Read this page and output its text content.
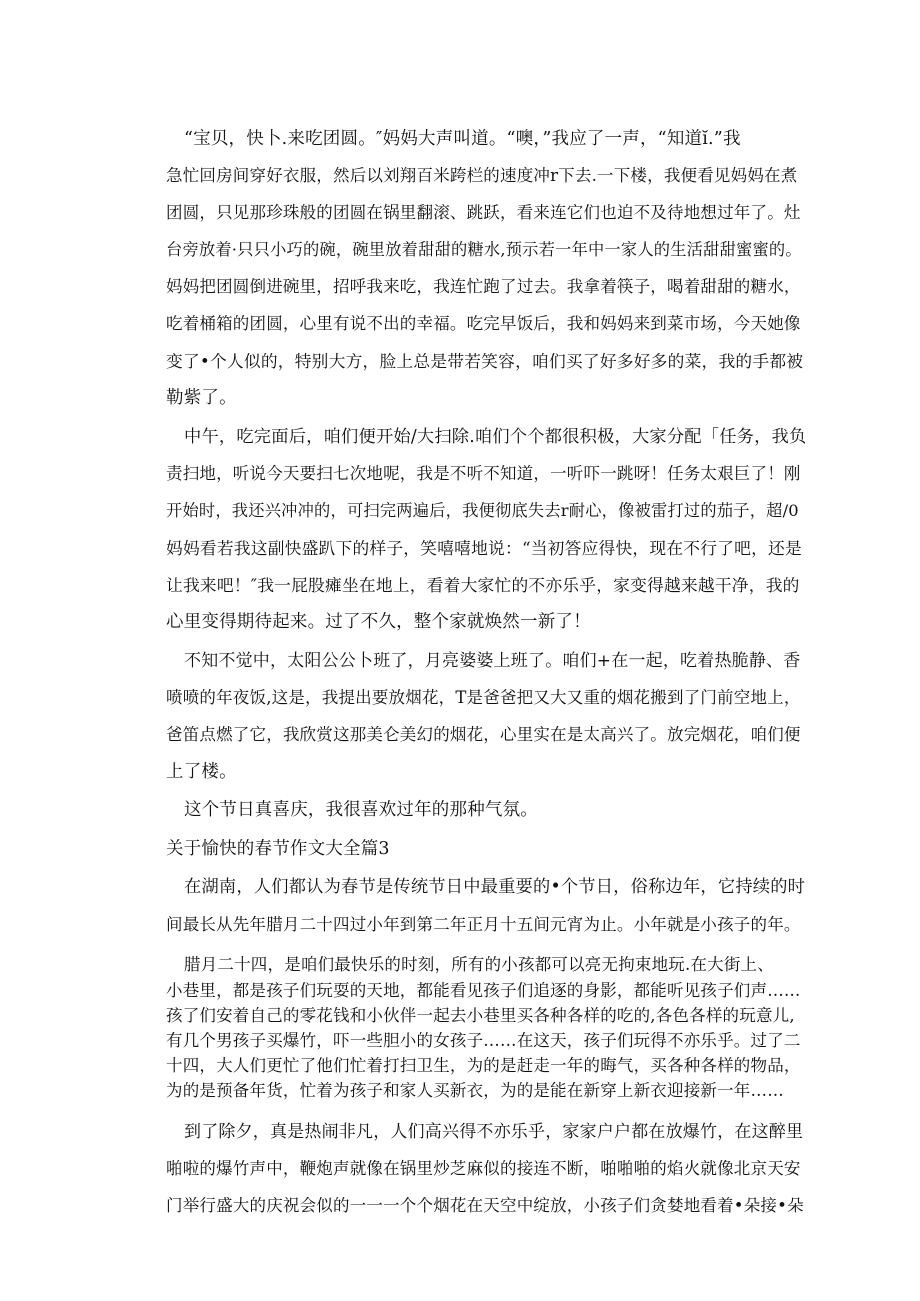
“宝贝，快卜.来吃团圆。″妈妈大声叫道。“噢，”我应了一声，“知道ĭ.”我
急忙回房间穿好衣服，然后以刘翔百米跨栏的速度冲r下去.一下楼，我便看见妈妈在煮
团圆，只见那珍珠般的团圆在锅里翻滚、跳跃，看来连它们也迫不及待地想过年了。灶
台旁放着·只只小巧的碗，碗里放着甜甜的糖水,预示若一年中一家人的生活甜甜蜜蜜的。
妈妈把团圆倒进碗里，招呼我来吃，我连忙跑了过去。我拿着筷子，喝着甜甜的糖水，
吃着桶箱的团圆，心里有说不出的幸福。吃完早饭后，我和妈妈来到菜市场，今天她像
变了•个人似的，特别大方，脸上总是带若笑容，咱们买了好多好多的菜，我的手都被
勒紫了。
中午，吃完面后，咱们便开始/大扫除.咱们个个都很积极，大家分配「任务，我负
责扫地，听说今天要扫七次地呢，我是不听不知道，一听吓一跳呀！任务太艰巨了！刚
开始时，我还兴冲冲的，可扫完两遍后，我便彻底失去r耐心，像被雷打过的茄子，超/0
妈妈看若我这副快盛趴下的样子，笑嘻嘻地说：“当初答应得快，现在不行了吧，还是
让我来吧！″我一屁股瘫坐在地上，看着大家忙的不亦乐乎，家变得越来越干净，我的
心里变得期待起来。过了不久，整个家就焕然一新了！
不知不觉中，太阳公公卜班了，月亮婆婆上班了。咱们+在一起，吃着热脆静、香
喷喷的年夜饭,这是，我提出要放烟花，T是爸爸把又大又重的烟花搬到了门前空地上，
爸笛点燃了它，我欣赏这那美仑美幻的烟花，心里实在是太高兴了。放完烟花，咱们便
上了楼。
这个节日真喜庆，我很喜欢过年的那种气氛。
关于愉快的春节作文大全篇3
在湖南，人们都认为春节是传统节日中最重要的•个节日，俗称边年，它持续的时
间最长从先年腊月二十四过小年到第二年正月十五间元宵为止。小年就是小孩子的年。
腊月二十四，是咱们最快乐的时刻，所有的小孩都可以亮无拘束地玩.在大街上、
小巷里，都是孩子们玩耍的天地，都能看见孩子们追逐的身影，都能听见孩子们声……
孩了们安着自己的零花钱和小伙伴一起去小巷里买各种各样的吃的,各色各样的玩意儿,
有几个男孩子买爆竹，吓一些胆小的女孩子……在这天，孩子们玩得不亦乐乎。过了二
十四，大人们更忙了他们忙着打扫卫生，为的是赶走一年的晦气，买各种各样的物品，
为的是预备年货，忙着为孩子和家人买新衣，为的是能在新穿上新衣迎接新一年……
到了除夕，真是热闹非凡，人们高兴得不亦乐乎，家家户户都在放爆竹，在这醉里
啪啦的爆竹声中，鞭炮声就像在锅里炒芝麻似的接连不断，啪啪啪的焰火就像北京天安
门举行盛大的庆祝会似的一一一个个烟花在天空中绽放，小孩子们贪婪地看着•朵接•朵
